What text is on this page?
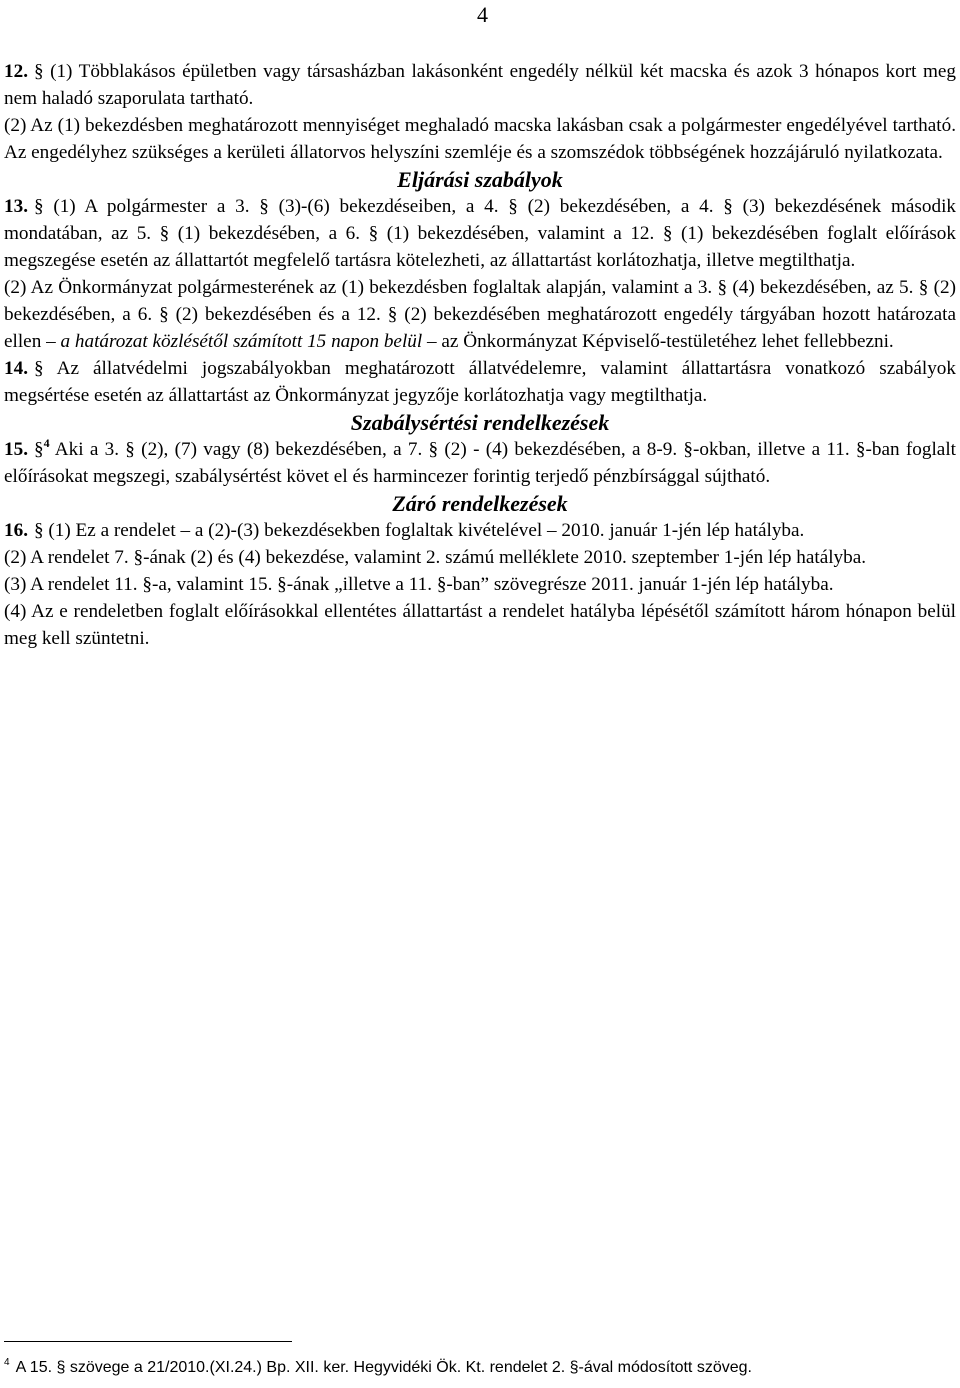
4

12. § (1) Többlakásos épületben vagy társasházban lakásonként engedély nélkül két macska és azok 3 hónapos kort meg nem haladó szaporulata tartható.

(2) Az (1) bekezdésben meghatározott mennyiséget meghaladó macska lakásban csak a polgármester engedélyével tartható. Az engedélyhez szükséges a kerületi állatorvos helyszíni szemléje és a szomszédok többségének hozzájáruló nyilatkozata.

Eljárási szabályok

13. § (1) A polgármester a 3. § (3)-(6) bekezdéseiben, a 4. § (2) bekezdésében, a 4. § (3) bekezdésének második mondatában, az 5. § (1) bekezdésében, a 6. § (1) bekezdésében, valamint a 12. § (1) bekezdésében foglalt előírások megszegése esetén az állattartót megfelelő tartásra kötelezheti, az állattartást korlátozhatja, illetve megtilthatja.

(2) Az Önkormányzat polgármesterének az (1) bekezdésben foglaltak alapján, valamint a 3. § (4) bekezdésében, az 5. § (2) bekezdésében, a 6. § (2) bekezdésében és a 12. § (2) bekezdésében meghatározott engedély tárgyában hozott határozata ellen – a határozat közlésétől számított 15 napon belül – az Önkormányzat Képviselő-testületéhez lehet fellebbezni.

14. § Az állatvédelmi jogszabályokban meghatározott állatvédelemre, valamint állattartásra vonatkozó szabályok megsértése esetén az állattartást az Önkormányzat jegyzője korlátozhatja vagy megtilthatja.

Szabálysértési rendelkezések

15. §$^4$ Aki a 3. § (2), (7) vagy (8) bekezdésében, a 7. § (2) - (4) bekezdésében, a 8-9. §-okban, illetve a 11. §-ban foglalt előírásokat megszegi, szabálysértést követ el és harmincezer forintig terjedő pénzbírsággal sújtható.

Záró rendelkezések

16. § (1) Ez a rendelet – a (2)-(3) bekezdésekben foglaltak kivételével – 2010. január 1-jén lép hatályba.

(2) A rendelet 7. §-ának (2) és (4) bekezdése, valamint 2. számú melléklete 2010. szeptember 1-jén lép hatályba.

(3) A rendelet 11. §-a, valamint 15. §-ának „illetve a 11. §-ban” szövegrésze 2011. január 1-jén lép hatályba.

(4) Az e rendeletben foglalt előírásokkal ellentétes állattartást a rendelet hatályba lépésétől számított három hónapon belül meg kell szüntetni.

$^4$ A 15. § szövege a 21/2010.(XI.24.) Bp. XII. ker. Hegyvidéki Ök. Kt. rendelet 2. §-ával módosított szöveg.
